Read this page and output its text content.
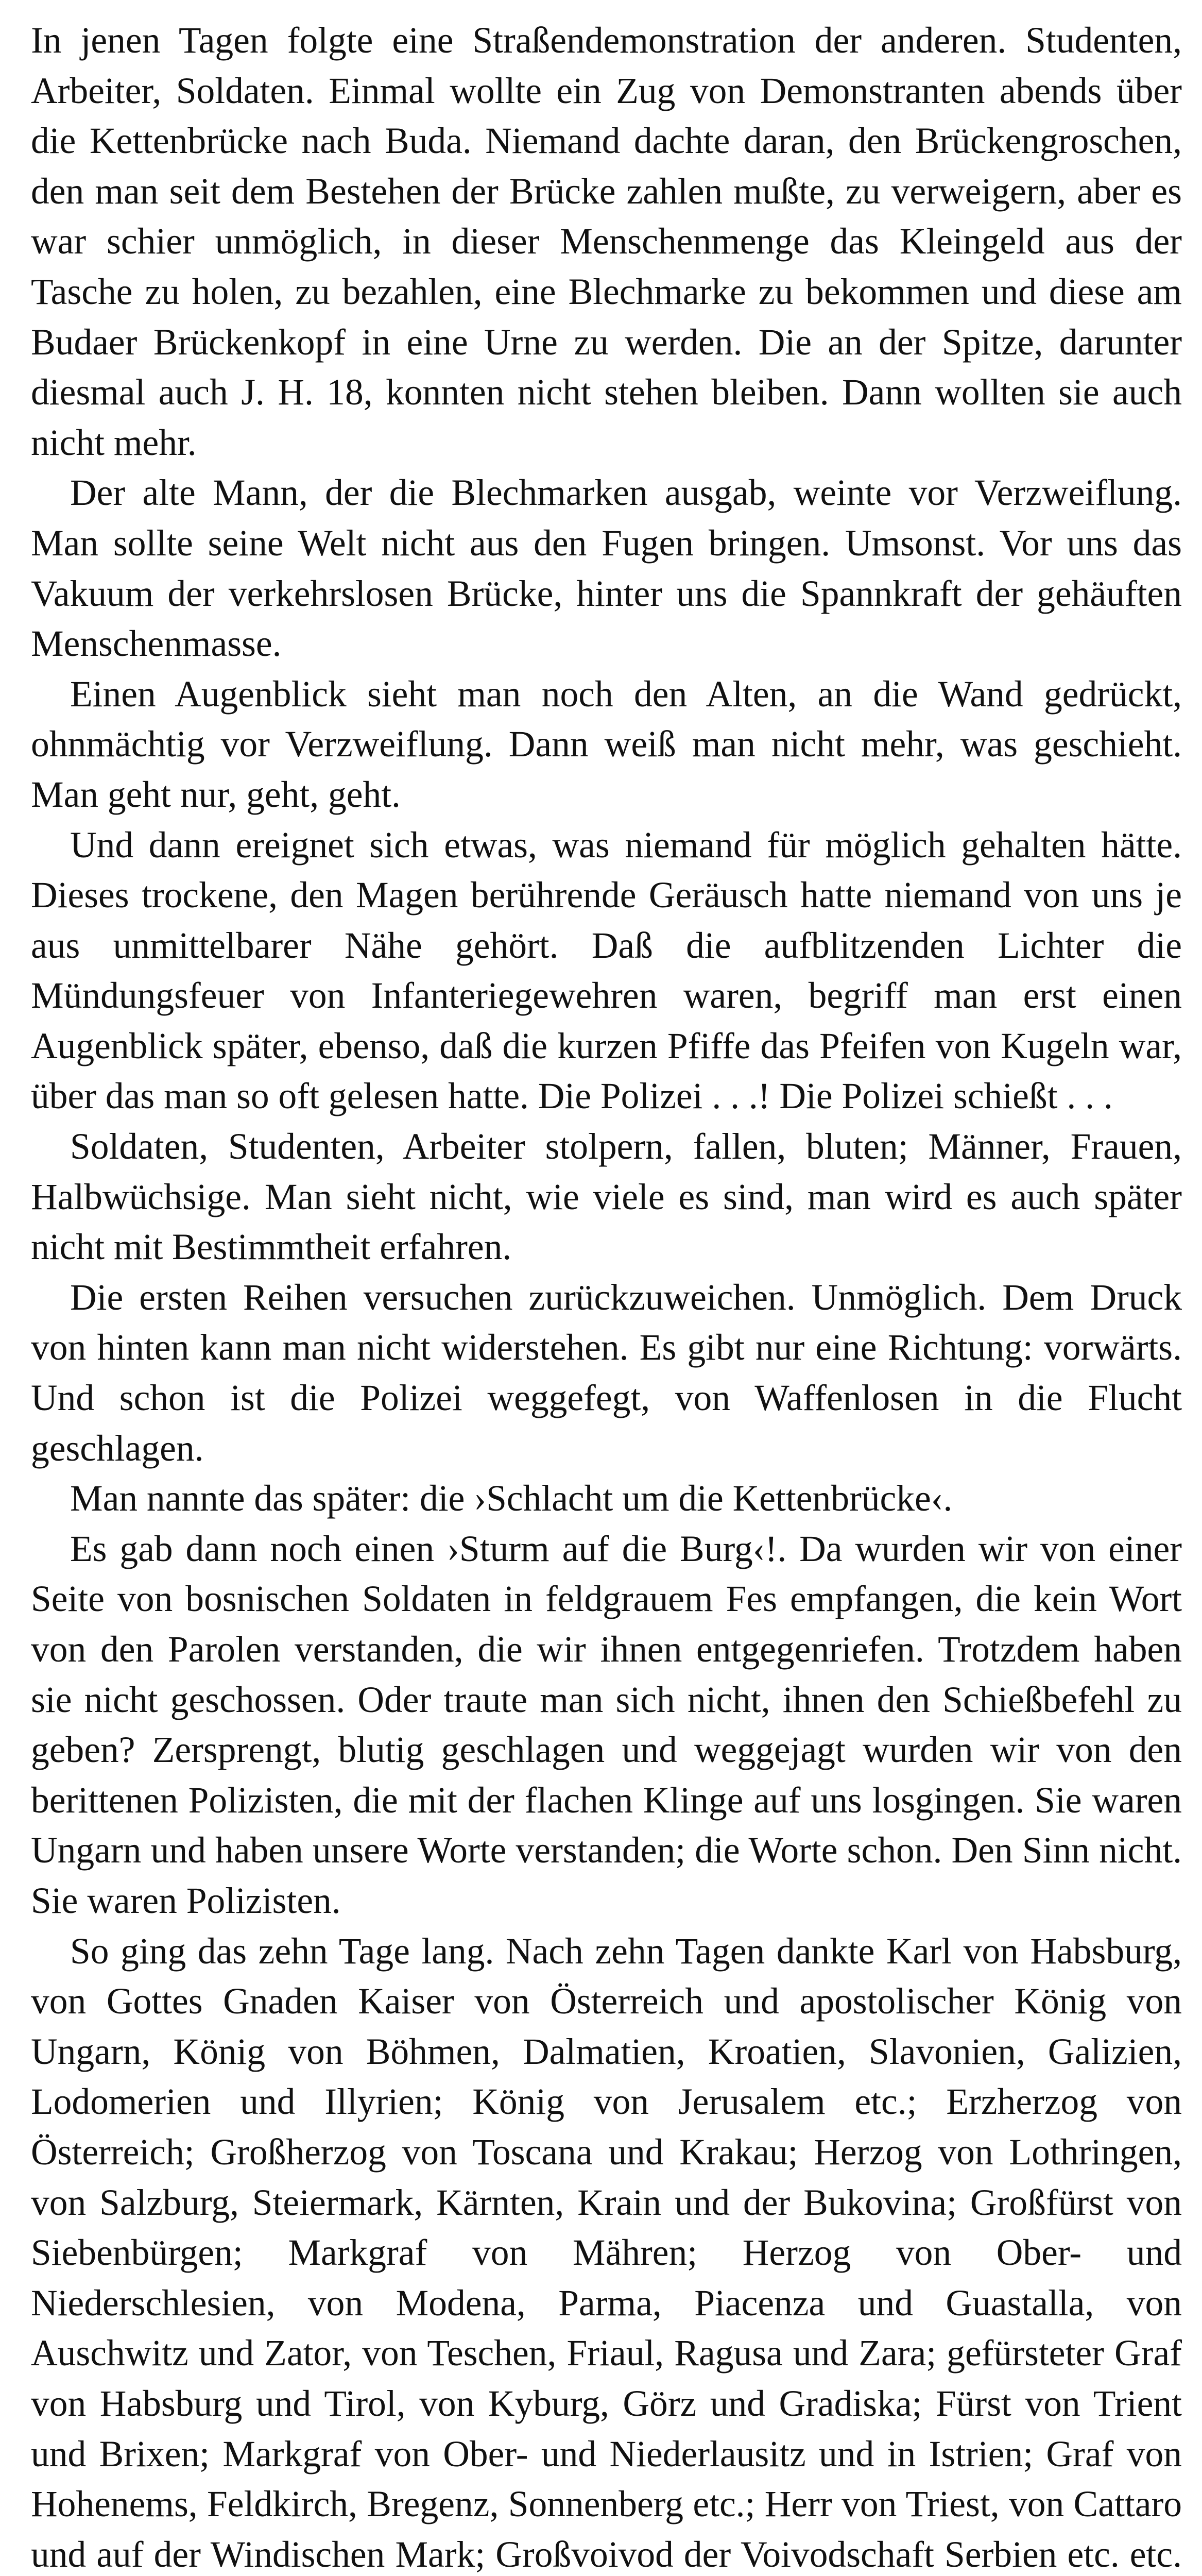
In jenen Tagen folgte eine Straßendemonstration der anderen. Studenten, Arbeiter, Soldaten. Einmal wollte ein Zug von Demonstranten abends über die Kettenbrücke nach Buda. Niemand dachte daran, den Brückengroschen, den man seit dem Bestehen der Brücke zahlen mußte, zu verweigern, aber es war schier unmöglich, in dieser Menschenmenge das Kleingeld aus der Tasche zu holen, zu bezahlen, eine Blechmarke zu bekommen und diese am Budaer Brückenkopf in eine Urne zu werden. Die an der Spitze, darunter diesmal auch J. H. 18, konnten nicht stehen bleiben. Dann wollten sie auch nicht mehr.

Der alte Mann, der die Blechmarken ausgab, weinte vor Verzweiflung. Man sollte seine Welt nicht aus den Fugen bringen. Umsonst. Vor uns das Vakuum der verkehrslosen Brücke, hinter uns die Spannkraft der gehäuften Menschenmasse.

Einen Augenblick sieht man noch den Alten, an die Wand gedrückt, ohnmächtig vor Verzweiflung. Dann weiß man nicht mehr, was geschieht. Man geht nur, geht, geht.

Und dann ereignet sich etwas, was niemand für möglich gehalten hätte. Dieses trockene, den Magen berührende Geräusch hatte niemand von uns je aus unmittelbarer Nähe gehört. Daß die aufblitzenden Lichter die Mündungsfeuer von Infanteriegewehren waren, begriff man erst einen Augenblick später, ebenso, daß die kurzen Pfiffe das Pfeifen von Kugeln war, über das man so oft gelesen hatte. Die Polizei . . .! Die Polizei schießt . . .

Soldaten, Studenten, Arbeiter stolpern, fallen, bluten; Männer, Frauen, Halbwüchsige. Man sieht nicht, wie viele es sind, man wird es auch später nicht mit Bestimmtheit erfahren.

Die ersten Reihen versuchen zurückzuweichen. Unmöglich. Dem Druck von hinten kann man nicht widerstehen. Es gibt nur eine Richtung: vorwärts. Und schon ist die Polizei weggefegt, von Waffenlosen in die Flucht geschlagen.

Man nannte das später: die ›Schlacht um die Kettenbrücke‹.

Es gab dann noch einen ›Sturm auf die Burg‹!. Da wurden wir von einer Seite von bosnischen Soldaten in feldgrauem Fes empfangen, die kein Wort von den Parolen verstanden, die wir ihnen entgegenriefen. Trotzdem haben sie nicht geschossen. Oder traute man sich nicht, ihnen den Schießbefehl zu geben? Zersprengt, blutig geschlagen und weggejagt wurden wir von den berittenen Polizisten, die mit der flachen Klinge auf uns losgingen. Sie waren Ungarn und haben unsere Worte verstanden; die Worte schon. Den Sinn nicht. Sie waren Polizisten.

So ging das zehn Tage lang. Nach zehn Tagen dankte Karl von Habsburg, von Gottes Gnaden Kaiser von Österreich und apostolischer König von Ungarn, König von Böhmen, Dalmatien, Kroatien, Slavonien, Galizien, Lodomerien und Illyrien; König von Jerusalem etc.; Erzherzog von Österreich; Großherzog von Toscana und Krakau; Herzog von Lothringen, von Salzburg, Steiermark, Kärnten, Krain und der Bukovina; Großfürst von Siebenbürgen; Markgraf von Mähren; Herzog von Ober- und Niederschlesien, von Modena, Parma, Piacenza und Guastalla, von Auschwitz und Zator, von Teschen, Friaul, Ragusa und Zara; gefürsteter Graf von Habsburg und Tirol, von Kyburg, Görz und Gradiska; Fürst von Trient und Brixen; Markgraf von Ober- und Niederlausitz und in Istrien; Graf von Hohenems, Feldkirch, Bregenz, Sonnenberg etc.; Herr von Triest, von Cattaro und auf der Windischen Mark; Großvoivod der Voivodschaft Serbien etc. etc.
